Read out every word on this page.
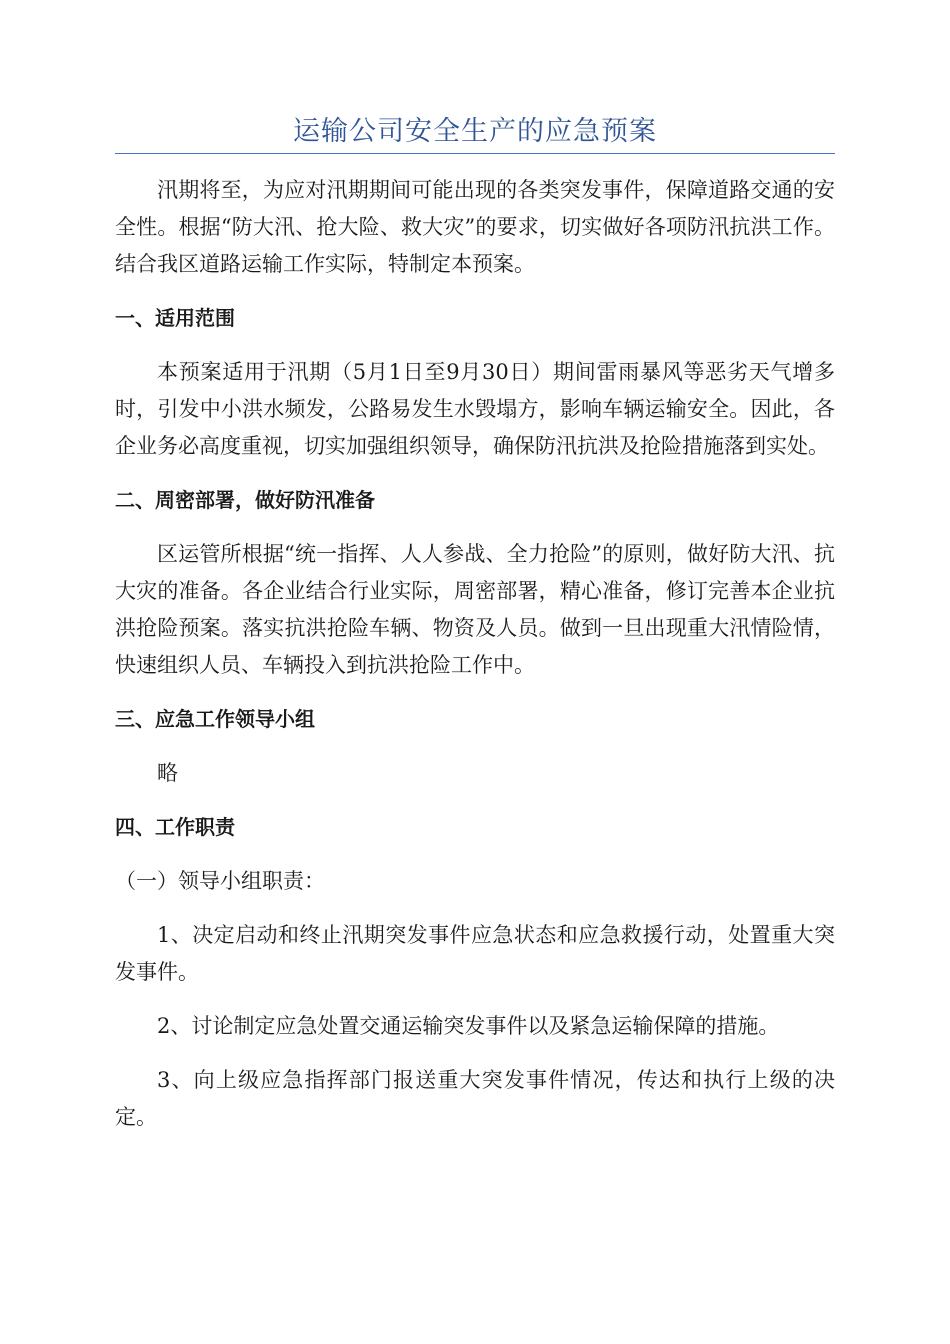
运输公司安全生产的应急预案

汛期将至，为应对汛期期间可能出现的各类突发事件，保障道路交通的安全性。根据“防大汛、抢大险、救大灾”的要求，切实做好各项防汛抗洪工作。结合我区道路运输工作实际，特制定本预案。

一、适用范围

本预案适用于汛期（5月1日至9月30日）期间雷雨暴风等恶劣天气增多时，引发中小洪水频发，公路易发生水毁塌方，影响车辆运输安全。因此，各企业务必高度重视，切实加强组织领导，确保防汛抗洪及抢险措施落到实处。

二、周密部署，做好防汛准备

区运管所根据“统一指挥、人人参战、全力抢险”的原则，做好防大汛、抗大灾的准备。各企业结合行业实际，周密部署，精心准备，修订完善本企业抗洪抢险预案。落实抗洪抢险车辆、物资及人员。做到一旦出现重大汛情险情，快速组织人员、车辆投入到抗洪抢险工作中。

三、应急工作领导小组

略

四、工作职责

（一）领导小组职责：

1、决定启动和终止汛期突发事件应急状态和应急救援行动，处置重大突发事件。

2、讨论制定应急处置交通运输突发事件以及紧急运输保障的措施。

3、向上级应急指挥部门报送重大突发事件情况，传达和执行上级的决定。
